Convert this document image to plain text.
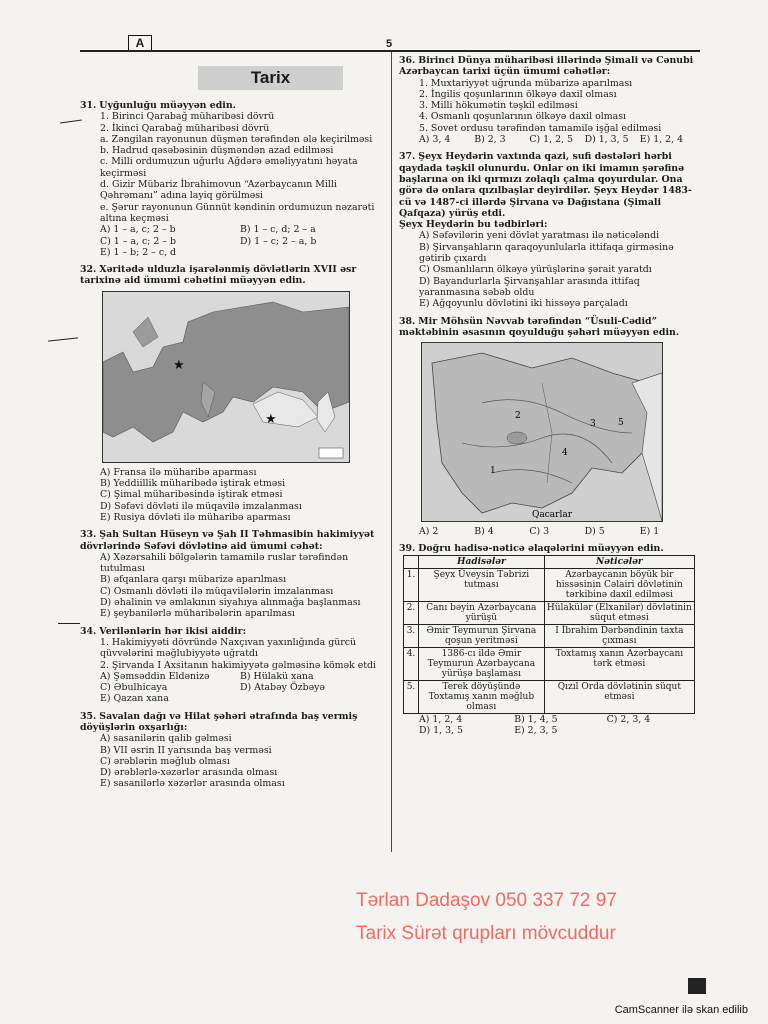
A	5
Tarix
31. Uyğunluğu müəyyən edin.
1. Birinci Qarabağ müharibəsi dövrü
2. İkinci Qarabağ müharibəsi dövrü
a. Zəngilan rayonunun düşmən tərəfindən ələ keçirilməsi
b. Hadrud qəsəbəsinin düşməndən azad edilməsi
c. Milli ordumuzun uğurlu Ağdərə əməliyyatını həyata keçirməsi
d. Gizir Mübariz İbrahimovun “Azərbaycanın Milli Qəhrəmanı” adına layiq görülməsi
e. Şərur rayonunun Günnüt kəndinin ordumuzun nəzarəti altına keçməsi
A) 1 – a, c; 2 – b	B) 1 – c, d; 2 – a
C) 1 – a, c; 2 – b	D) 1 – c; 2 – a, b
E) 1 – b; 2 – c, d
32. Xəritədə ulduzla işarələnmiş dövlətlərin XVII əsr tarixinə aid ümumi cəhətini müəyyən edin.
★
★
A) Fransa ilə müharibə aparması
B) Yeddiillik müharibədə iştirak etməsi
C) Şimal müharibəsində iştirak etməsi
D) Səfəvi dövləti ilə müqavilə imzalanması
E) Rusiya dövləti ilə müharibə aparması
33. Şah Sultan Hüseyn və Şah II Təhmasibin hakimiyyət dövrlərində Səfəvi dövlətinə aid ümumi cəhət:
A) Xəzərsahili bölgələrin tamamilə ruslar tərəfindən tutulması
B) əfqanlara qarşı mübarizə aparılması
C) Osmanlı dövləti ilə müqavilələrin imzalanması
D) əhalinin və əmlakının siyahıya alınmağa başlanması
E) şeybanilərlə müharibələrin aparılması
34. Verilənlərin hər ikisi aiddir:
1. Hakimiyyəti dövründə Naxçıvan yaxınlığında gürcü qüvvələrini məğlubiyyətə uğratdı
2. Şirvanda I Axsitanın hakimiyyətə gəlməsinə kömək etdi
A) Şəmsəddin Eldənizə	B) Hülakü xana
C) Əbulhicaya	D) Atabəy Özbəyə
E) Qazan xana
35. Savalan dağı və Hilat şəhəri ətrafında baş vermiş döyüşlərin oxşarlığı:
A) sasanilərin qalib gəlməsi
B) VII əsrin II yarısında baş verməsi
C) ərəblərin məğlub olması
D) ərəblərlə-xəzərlər arasında olması
E) sasanilərlə xəzərlər arasında olması
36. Birinci Dünya müharibəsi illərində Şimali və Cənubi Azərbaycan tarixi üçün ümumi cəhətlər:
1. Muxtariyyət uğrunda mübarizə aparılması
2. İngilis qoşunlarının ölkəyə daxil olması
3. Milli hökumətin təşkil edilməsi
4. Osmanlı qoşunlarının ölkəyə daxil olması
5. Sovet ordusu tərəfindən tamamilə işğal edilməsi
A) 3, 4	B) 2, 3	C) 1, 2, 5	D) 1, 3, 5	E) 1, 2, 4
37. Şeyx Heydərin vaxtında qazi, sufi dəstələri hərbi qaydada təşkil olunurdu. Onlar on iki imamın şərəfinə başlarına on iki qırmızı zolaqlı çalma qoyurdular. Ona görə də onlara qızılbaşlar deyirdilər. Şeyx Heydər 1483-cü və 1487-ci illərdə Şirvana və Dağıstana (Şimali Qafqaza) yürüş etdi.
Şeyx Heydərin bu tədbirləri:
A) Səfəvilərin yeni dövlət yaratması ilə nəticələndi
B) Şirvanşahların qaraqoyunlularla ittifaqa girməsinə gətirib çıxardı
C) Osmanlıların ölkəyə yürüşlərinə şərait yaratdı
D) Bayandurlarla Şirvanşahlar arasında ittifaq yaranmasına səbəb oldu
E) Ağqoyunlu dövlətini iki hissəyə parçaladı
38. Mir Möhsün Nəvvab tərəfindən “Üsuli-Cədid” məktəbinin əsasının qoyulduğu şəhəri müəyyən edin.
1
2
3
4
5
Qacarlar
A) 2	B) 4	C) 3	D) 5	E) 1
39. Doğru hadisə-nəticə əlaqələrini müəyyən edin.
	Hadisələr	Nəticələr
1.	Şeyx Üveysin Təbrizi tutması	Azərbaycanın böyük bir hissəsinin Cəlairi dövlətinin tərkibinə daxil edilməsi
2.	Canı bəyin Azərbaycana yürüşü	Hülakülər (Elxanilər) dövlətinin süqut etməsi
3.	Əmir Teymurun Şirvana qoşun yeritməsi	I İbrahim Dərbəndinin taxta çıxması
4.	1386-cı ildə Əmir Teymurun Azərbaycana yürüşə başlaması	Toxtamış xanın Azərbaycanı tərk etməsi
5.	Terek döyüşündə Toxtamış xanın məğlub olması	Qızıl Orda dövlətinin süqut etməsi
A) 1, 2, 4	B) 1, 4, 5	C) 2, 3, 4
D) 1, 3, 5	E) 2, 3, 5
Tərlan Dadaşov 050 337 72 97
Tarix Sürət qrupları mövcuddur
CamScanner ilə skan edilib
